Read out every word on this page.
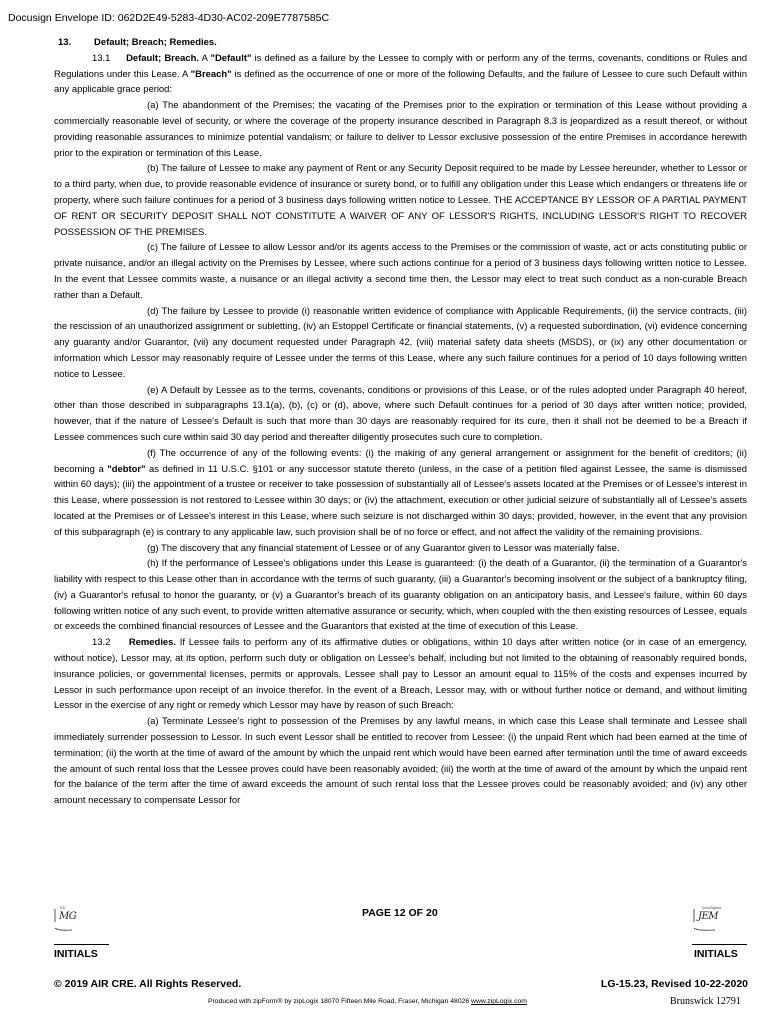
Docusign Envelope ID: 062D2E49-5283-4D30-AC02-209E7787585C

13. Default; Breach; Remedies.

13.1 Default; Breach. A "Default" is defined as a failure by the Lessee to comply with or perform any of the terms, covenants, conditions or Rules and Regulations under this Lease. A "Breach" is defined as the occurrence of one or more of the following Defaults, and the failure of Lessee to cure such Default within any applicable grace period:

(a) The abandonment of the Premises; the vacating of the Premises prior to the expiration or termination of this Lease without providing a commercially reasonable level of security, or where the coverage of the property insurance described in Paragraph 8.3 is jeopardized as a result thereof, or without providing reasonable assurances to minimize potential vandalism; or failure to deliver to Lessor exclusive possession of the entire Premises in accordance herewith prior to the expiration or termination of this Lease.

(b) The failure of Lessee to make any payment of Rent or any Security Deposit required to be made by Lessee hereunder, whether to Lessor or to a third party, when due, to provide reasonable evidence of insurance or surety bond, or to fulfill any obligation under this Lease which endangers or threatens life or property, where such failure continues for a period of 3 business days following written notice to Lessee. THE ACCEPTANCE BY LESSOR OF A PARTIAL PAYMENT OF RENT OR SECURITY DEPOSIT SHALL NOT CONSTITUTE A WAIVER OF ANY OF LESSOR'S RIGHTS, INCLUDING LESSOR'S RIGHT TO RECOVER POSSESSION OF THE PREMISES.

(c) The failure of Lessee to allow Lessor and/or its agents access to the Premises or the commission of waste, act or acts constituting public or private nuisance, and/or an illegal activity on the Premises by Lessee, where such actions continue for a period of 3 business days following written notice to Lessee. In the event that Lessee commits waste, a nuisance or an illegal activity a second time then, the Lessor may elect to treat such conduct as a non-curable Breach rather than a Default.

(d) The failure by Lessee to provide (i) reasonable written evidence of compliance with Applicable Requirements, (ii) the service contracts, (iii) the rescission of an unauthorized assignment or subletting, (iv) an Estoppel Certificate or financial statements, (v) a requested subordination, (vi) evidence concerning any guaranty and/or Guarantor, (vii) any document requested under Paragraph 42, (viii) material safety data sheets (MSDS), or (ix) any other documentation or information which Lessor may reasonably require of Lessee under the terms of this Lease, where any such failure continues for a period of 10 days following written notice to Lessee.

(e) A Default by Lessee as to the terms, covenants, conditions or provisions of this Lease, or of the rules adopted under Paragraph 40 hereof, other than those described in subparagraphs 13.1(a), (b), (c) or (d), above, where such Default continues for a period of 30 days after written notice; provided, however, that if the nature of Lessee's Default is such that more than 30 days are reasonably required for its cure, then it shall not be deemed to be a Breach if Lessee commences such cure within said 30 day period and thereafter diligently prosecutes such cure to completion.

(f) The occurrence of any of the following events: (i) the making of any general arrangement or assignment for the benefit of creditors; (ii) becoming a "debtor" as defined in 11 U.S.C. §101 or any successor statute thereto (unless, in the case of a petition filed against Lessee, the same is dismissed within 60 days); (iii) the appointment of a trustee or receiver to take possession of substantially all of Lessee's assets located at the Premises or of Lessee's interest in this Lease, where possession is not restored to Lessee within 30 days; or (iv) the attachment, execution or other judicial seizure of substantially all of Lessee's assets located at the Premises or of Lessee's interest in this Lease, where such seizure is not discharged within 30 days; provided, however, in the event that any provision of this subparagraph (e) is contrary to any applicable law, such provision shall be of no force or effect, and not affect the validity of the remaining provisions.

(g) The discovery that any financial statement of Lessee or of any Guarantor given to Lessor was materially false.

(h) If the performance of Lessee's obligations under this Lease is guaranteed: (i) the death of a Guarantor, (ii) the termination of a Guarantor's liability with respect to this Lease other than in accordance with the terms of such guaranty, (iii) a Guarantor's becoming insolvent or the subject of a bankruptcy filing, (iv) a Guarantor's refusal to honor the guaranty, or (v) a Guarantor's breach of its guaranty obligation on an anticipatory basis, and Lessee's failure, within 60 days following written notice of any such event, to provide written alternative assurance or security, which, when coupled with the then existing resources of Lessee, equals or exceeds the combined financial resources of Lessee and the Guarantors that existed at the time of execution of this Lease.

13.2 Remedies. If Lessee fails to perform any of its affirmative duties or obligations, within 10 days after written notice (or in case of an emergency, without notice), Lessor may, at its option, perform such duty or obligation on Lessee's behalf, including but not limited to the obtaining of reasonably required bonds, insurance policies, or governmental licenses, permits or approvals. Lessee shall pay to Lessor an amount equal to 115% of the costs and expenses incurred by Lessor in such performance upon receipt of an invoice therefor. In the event of a Breach, Lessor may, with or without further notice or demand, and without limiting Lessor in the exercise of any right or remedy which Lessor may have by reason of such Breach:

(a) Terminate Lessee's right to possession of the Premises by any lawful means, in which case this Lease shall terminate and Lessee shall immediately surrender possession to Lessor. In such event Lessor shall be entitled to recover from Lessee: (i) the unpaid Rent which had been earned at the time of termination; (ii) the worth at the time of award of the amount by which the unpaid rent which would have been earned after termination until the time of award exceeds the amount of such rental loss that the Lessee proves could have been reasonably avoided; (iii) the worth at the time of award of the amount by which the unpaid rent for the balance of the term after the time of award exceeds the amount of such rental loss that the Lessee proves could be reasonably avoided; and (iv) any other amount necessary to compensate Lessor for

DS
MG
INITIALS
PAGE 12 OF 20	DocuSigned
JEM
INITIALS
© 2019 AIR CRE. All Rights Reserved.	LG-15.23, Revised 10-22-2020
Produced with zipForm® by zipLogix 18070 Fifteen Mile Road, Fraser, Michigan 48026 www.zipLogix.com	Brunswick 12791
